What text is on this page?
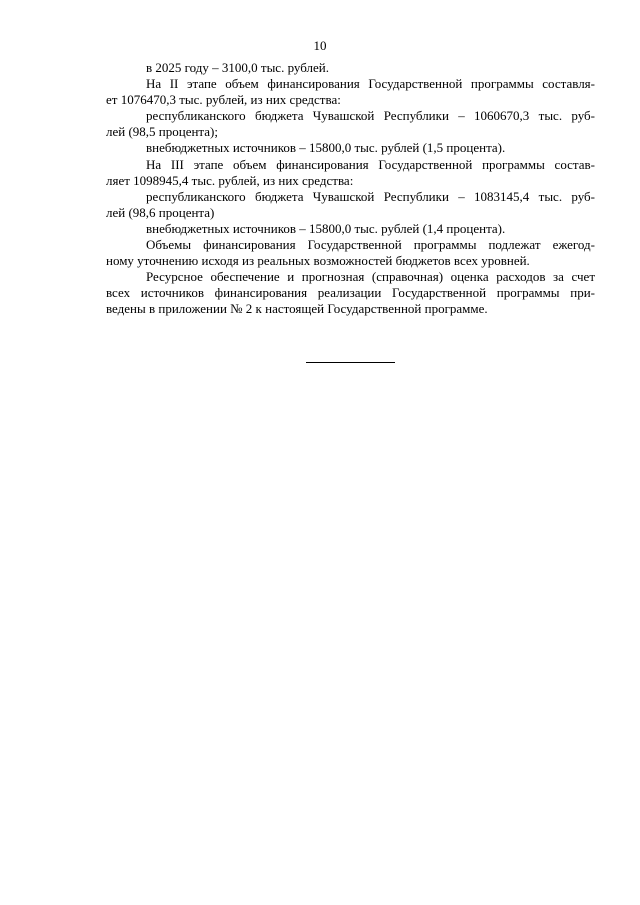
10
в 2025 году – 3100,0 тыс. рублей.
На II этапе объем финансирования Государственной программы составля-
ет 1076470,3 тыс. рублей, из них средства:
республиканского бюджета Чувашской Республики – 1060670,3 тыс. руб-
лей (98,5 процента);
внебюджетных источников – 15800,0 тыс. рублей (1,5 процента).
На III этапе объем финансирования Государственной программы состав-
ляет 1098945,4 тыс. рублей, из них средства:
республиканского бюджета Чувашской Республики – 1083145,4 тыс. руб-
лей (98,6 процента)
внебюджетных источников – 15800,0 тыс. рублей (1,4 процента).
Объемы финансирования Государственной программы подлежат ежегод-
ному уточнению исходя из реальных возможностей бюджетов всех уровней.
Ресурсное обеспечение и прогнозная (справочная) оценка расходов за счет
всех источников финансирования реализации Государственной программы при-
ведены в приложении № 2 к настоящей Государственной программе.
